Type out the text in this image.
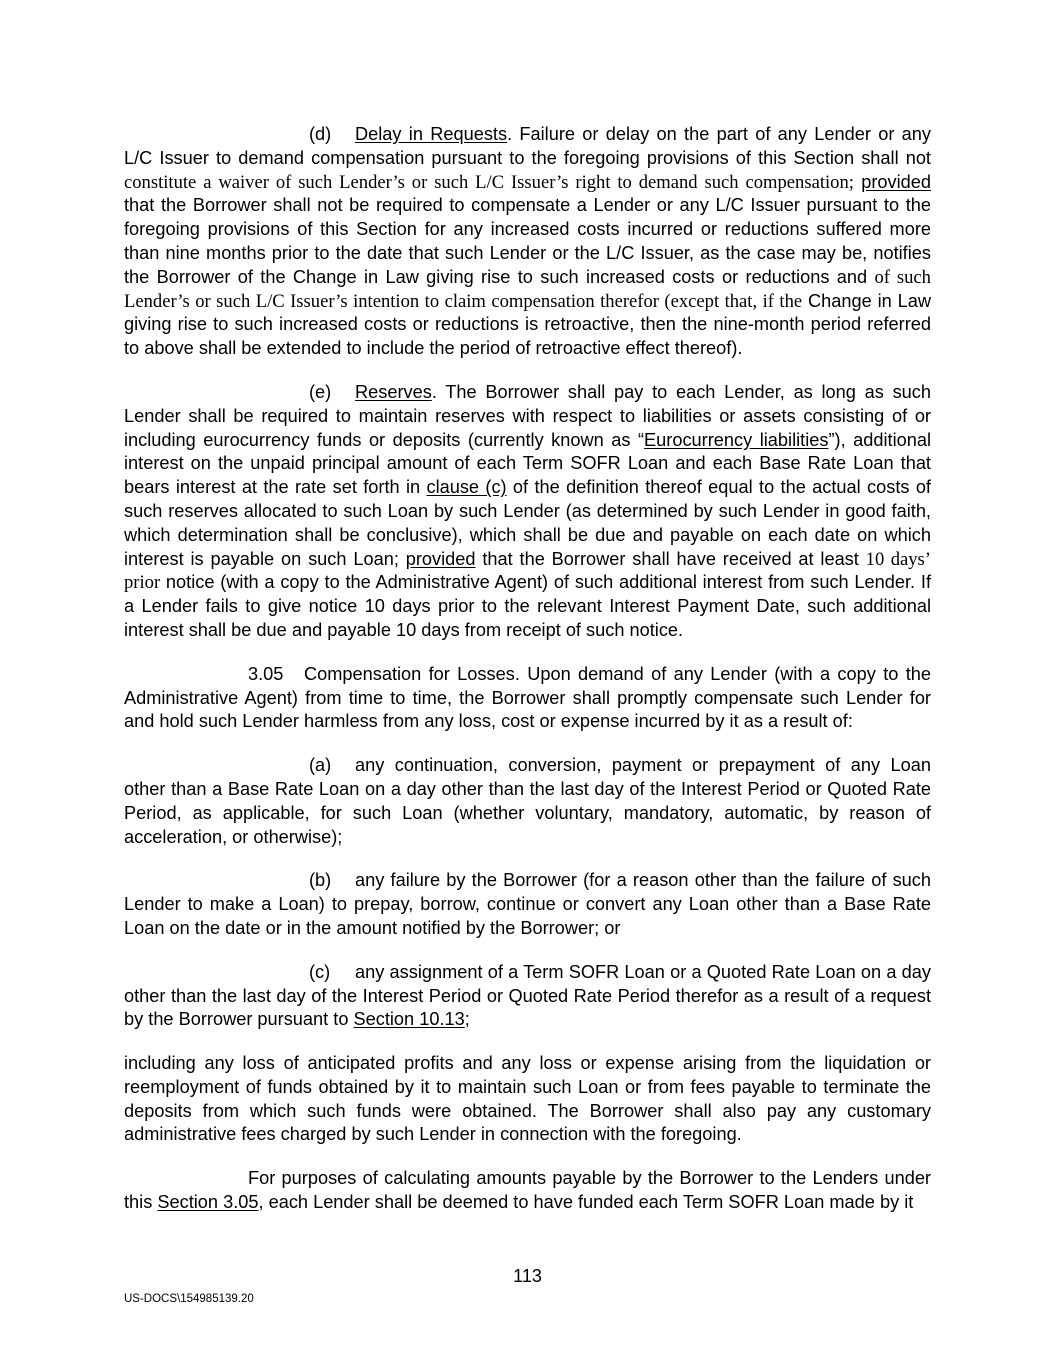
(d) Delay in Requests. Failure or delay on the part of any Lender or any L/C Issuer to demand compensation pursuant to the foregoing provisions of this Section shall not constitute a waiver of such Lender’s or such L/C Issuer’s right to demand such compensation; provided that the Borrower shall not be required to compensate a Lender or any L/C Issuer pursuant to the foregoing provisions of this Section for any increased costs incurred or reductions suffered more than nine months prior to the date that such Lender or the L/C Issuer, as the case may be, notifies the Borrower of the Change in Law giving rise to such increased costs or reductions and of such Lender’s or such L/C Issuer’s intention to claim compensation therefor (except that, if the Change in Law giving rise to such increased costs or reductions is retroactive, then the nine-month period referred to above shall be extended to include the period of retroactive effect thereof).

(e) Reserves. The Borrower shall pay to each Lender, as long as such Lender shall be required to maintain reserves with respect to liabilities or assets consisting of or including eurocurrency funds or deposits (currently known as “Eurocurrency liabilities”), additional interest on the unpaid principal amount of each Term SOFR Loan and each Base Rate Loan that bears interest at the rate set forth in clause (c) of the definition thereof equal to the actual costs of such reserves allocated to such Loan by such Lender (as determined by such Lender in good faith, which determination shall be conclusive), which shall be due and payable on each date on which interest is payable on such Loan; provided that the Borrower shall have received at least 10 days’ prior notice (with a copy to the Administrative Agent) of such additional interest from such Lender. If a Lender fails to give notice 10 days prior to the relevant Interest Payment Date, such additional interest shall be due and payable 10 days from receipt of such notice.

3.05 Compensation for Losses. Upon demand of any Lender (with a copy to the Administrative Agent) from time to time, the Borrower shall promptly compensate such Lender for and hold such Lender harmless from any loss, cost or expense incurred by it as a result of:

(a) any continuation, conversion, payment or prepayment of any Loan other than a Base Rate Loan on a day other than the last day of the Interest Period or Quoted Rate Period, as applicable, for such Loan (whether voluntary, mandatory, automatic, by reason of acceleration, or otherwise);

(b) any failure by the Borrower (for a reason other than the failure of such Lender to make a Loan) to prepay, borrow, continue or convert any Loan other than a Base Rate Loan on the date or in the amount notified by the Borrower; or

(c) any assignment of a Term SOFR Loan or a Quoted Rate Loan on a day other than the last day of the Interest Period or Quoted Rate Period therefor as a result of a request by the Borrower pursuant to Section 10.13;

including any loss of anticipated profits and any loss or expense arising from the liquidation or reemployment of funds obtained by it to maintain such Loan or from fees payable to terminate the deposits from which such funds were obtained. The Borrower shall also pay any customary administrative fees charged by such Lender in connection with the foregoing.

For purposes of calculating amounts payable by the Borrower to the Lenders under this Section 3.05, each Lender shall be deemed to have funded each Term SOFR Loan made by it

113
US-DOCS\154985139.20
